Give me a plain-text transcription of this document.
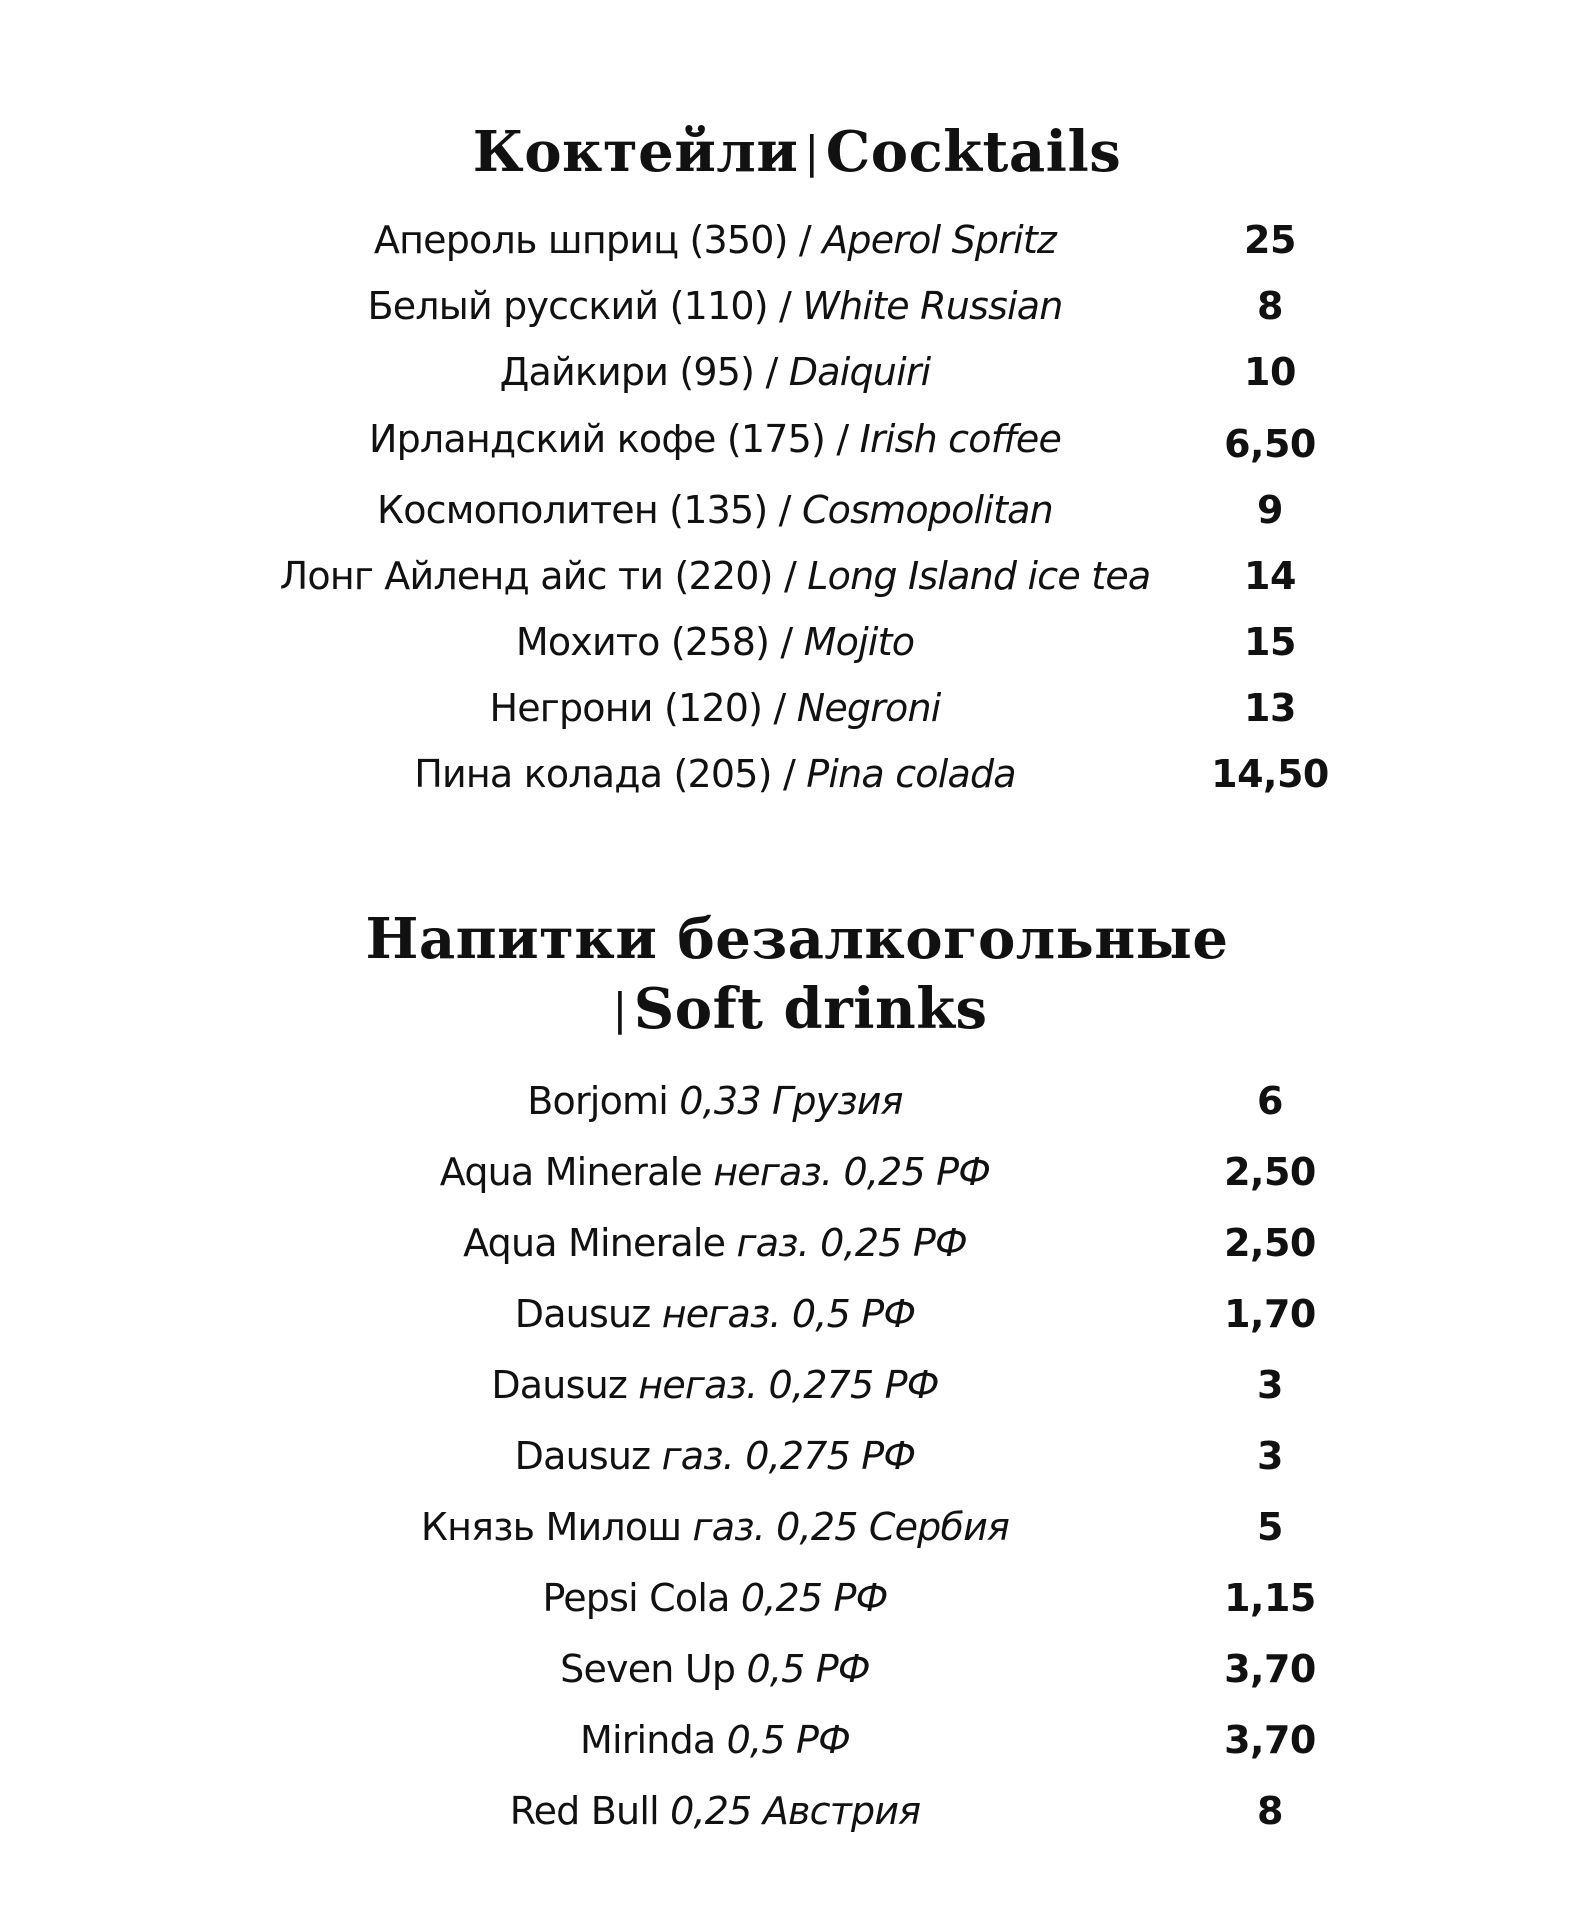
Коктейли | Cocktails
Апероль шприц (350) / Aperol Spritz	25
Белый русский (110) / White Russian	8
Дайкири (95) / Daiquiri	10
Ирландский кофе (175) / Irish coffee	6,50
Космополитен (135) / Cosmopolitan	9
Лонг Айленд айс ти (220) / Long Island ice tea	14
Мохито (258) / Mojito	15
Негрони (120) / Negroni	13
Пина колада (205) / Pina colada	14,50
Напитки безалкогольные
| Soft drinks
Borjomi 0,33 Грузия	6
Aqua Minerale негаз. 0,25 РФ	2,50
Aqua Minerale газ. 0,25 РФ	2,50
Dausuz негаз. 0,5 РФ	1,70
Dausuz негаз. 0,275 РФ	3
Dausuz газ. 0,275 РФ	3
Князь Милош газ. 0,25 Сербия	5
Pepsi Cola 0,25 РФ	1,15
Seven Up 0,5 РФ	3,70
Mirinda 0,5 РФ	3,70
Red Bull 0,25 Австрия	8
